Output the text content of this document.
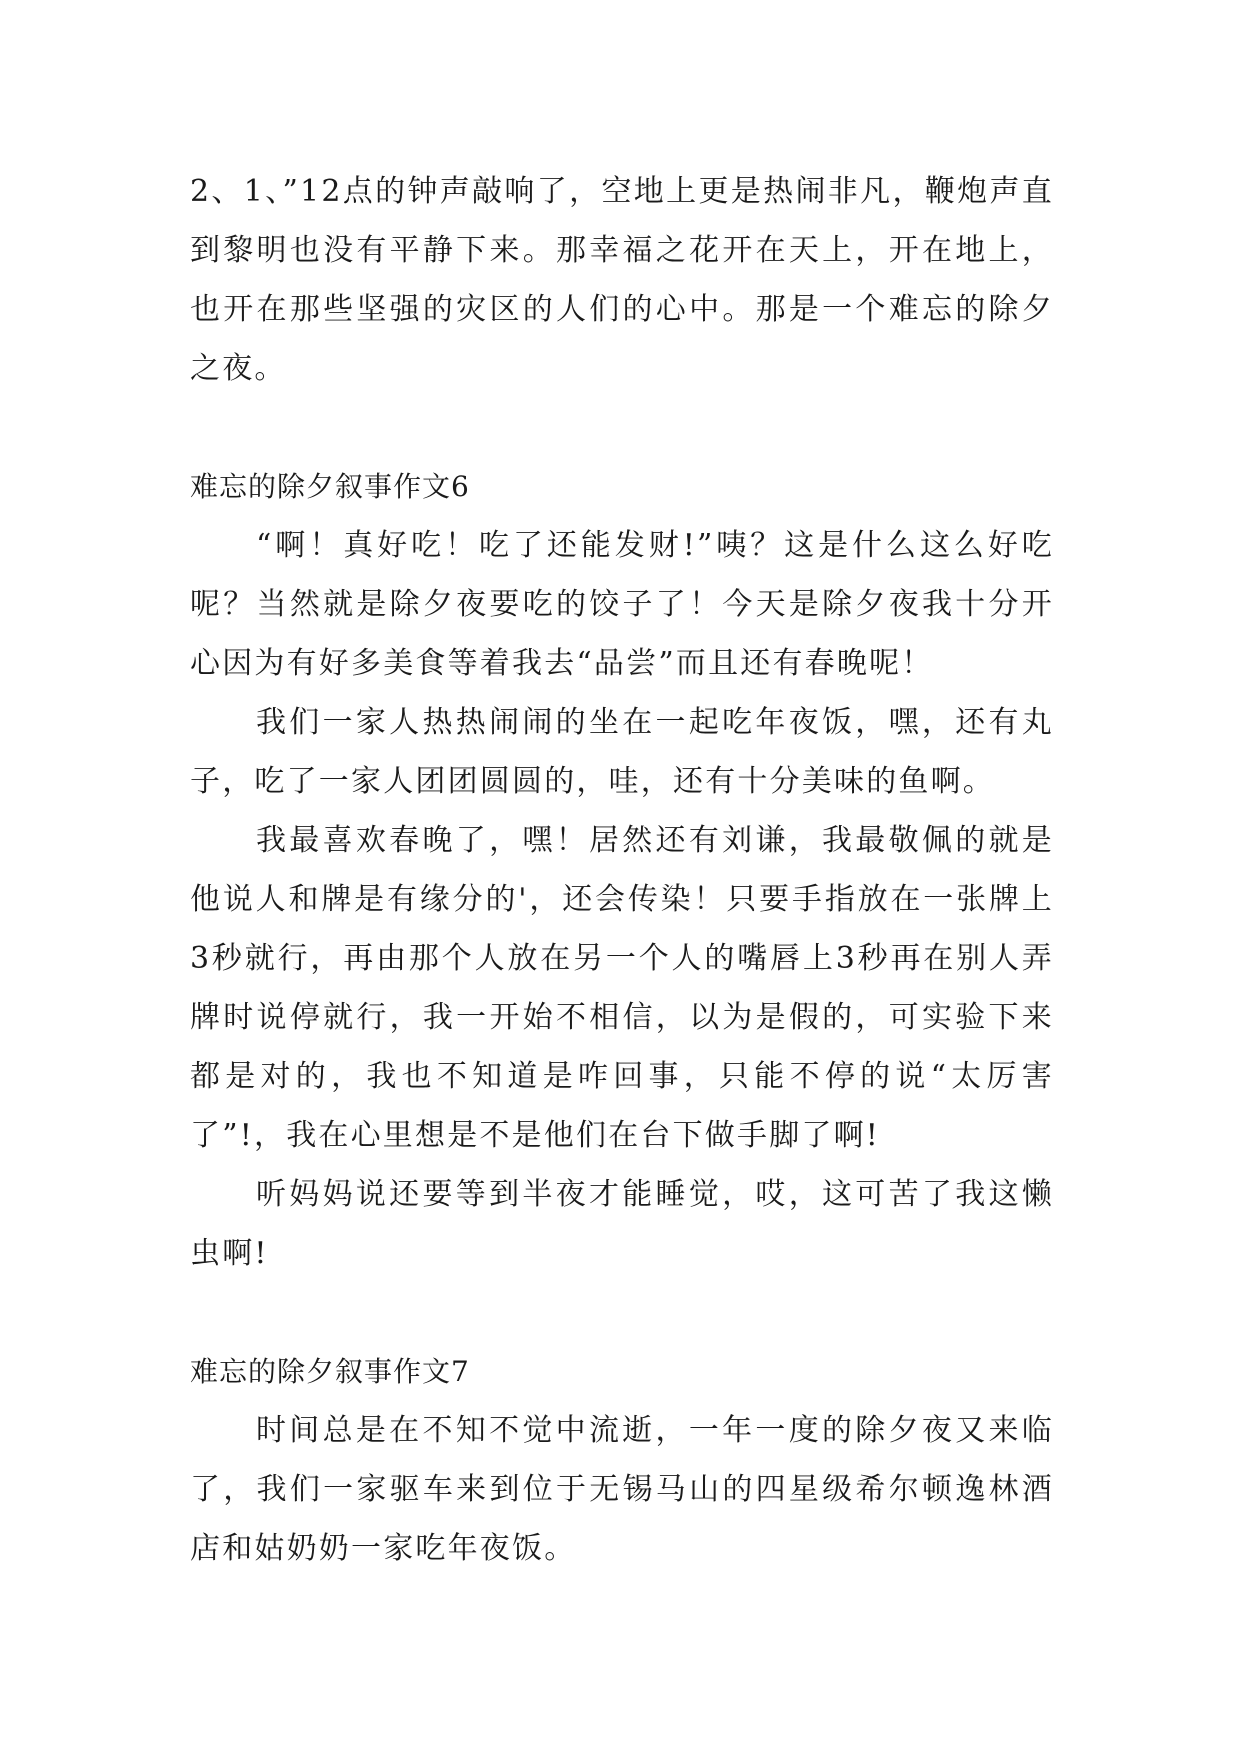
2、1、”12点的钟声敲响了，空地上更是热闹非凡，鞭炮声直到黎明也没有平静下来。那幸福之花开在天上，开在地上，也开在那些坚强的灾区的人们的心中。那是一个难忘的除夕之夜。

难忘的除夕叙事作文6

“啊！真好吃！吃了还能发财!”咦？这是什么这么好吃呢？当然就是除夕夜要吃的饺子了！今天是除夕夜我十分开心因为有好多美食等着我去“品尝”而且还有春晚呢！

我们一家人热热闹闹的坐在一起吃年夜饭，嘿，还有丸子，吃了一家人团团圆圆的，哇，还有十分美味的鱼啊。

我最喜欢春晚了，嘿！居然还有刘谦，我最敬佩的就是他说人和牌是有缘分的'，还会传染！只要手指放在一张牌上3秒就行，再由那个人放在另一个人的嘴唇上3秒再在别人弄牌时说停就行，我一开始不相信，以为是假的，可实验下来都是对的，我也不知道是咋回事，只能不停的说“太厉害了”!，我在心里想是不是他们在台下做手脚了啊!

听妈妈说还要等到半夜才能睡觉，哎，这可苦了我这懒虫啊!

难忘的除夕叙事作文7

时间总是在不知不觉中流逝，一年一度的除夕夜又来临了，我们一家驱车来到位于无锡马山的四星级希尔顿逸林酒店和姑奶奶一家吃年夜饭。
